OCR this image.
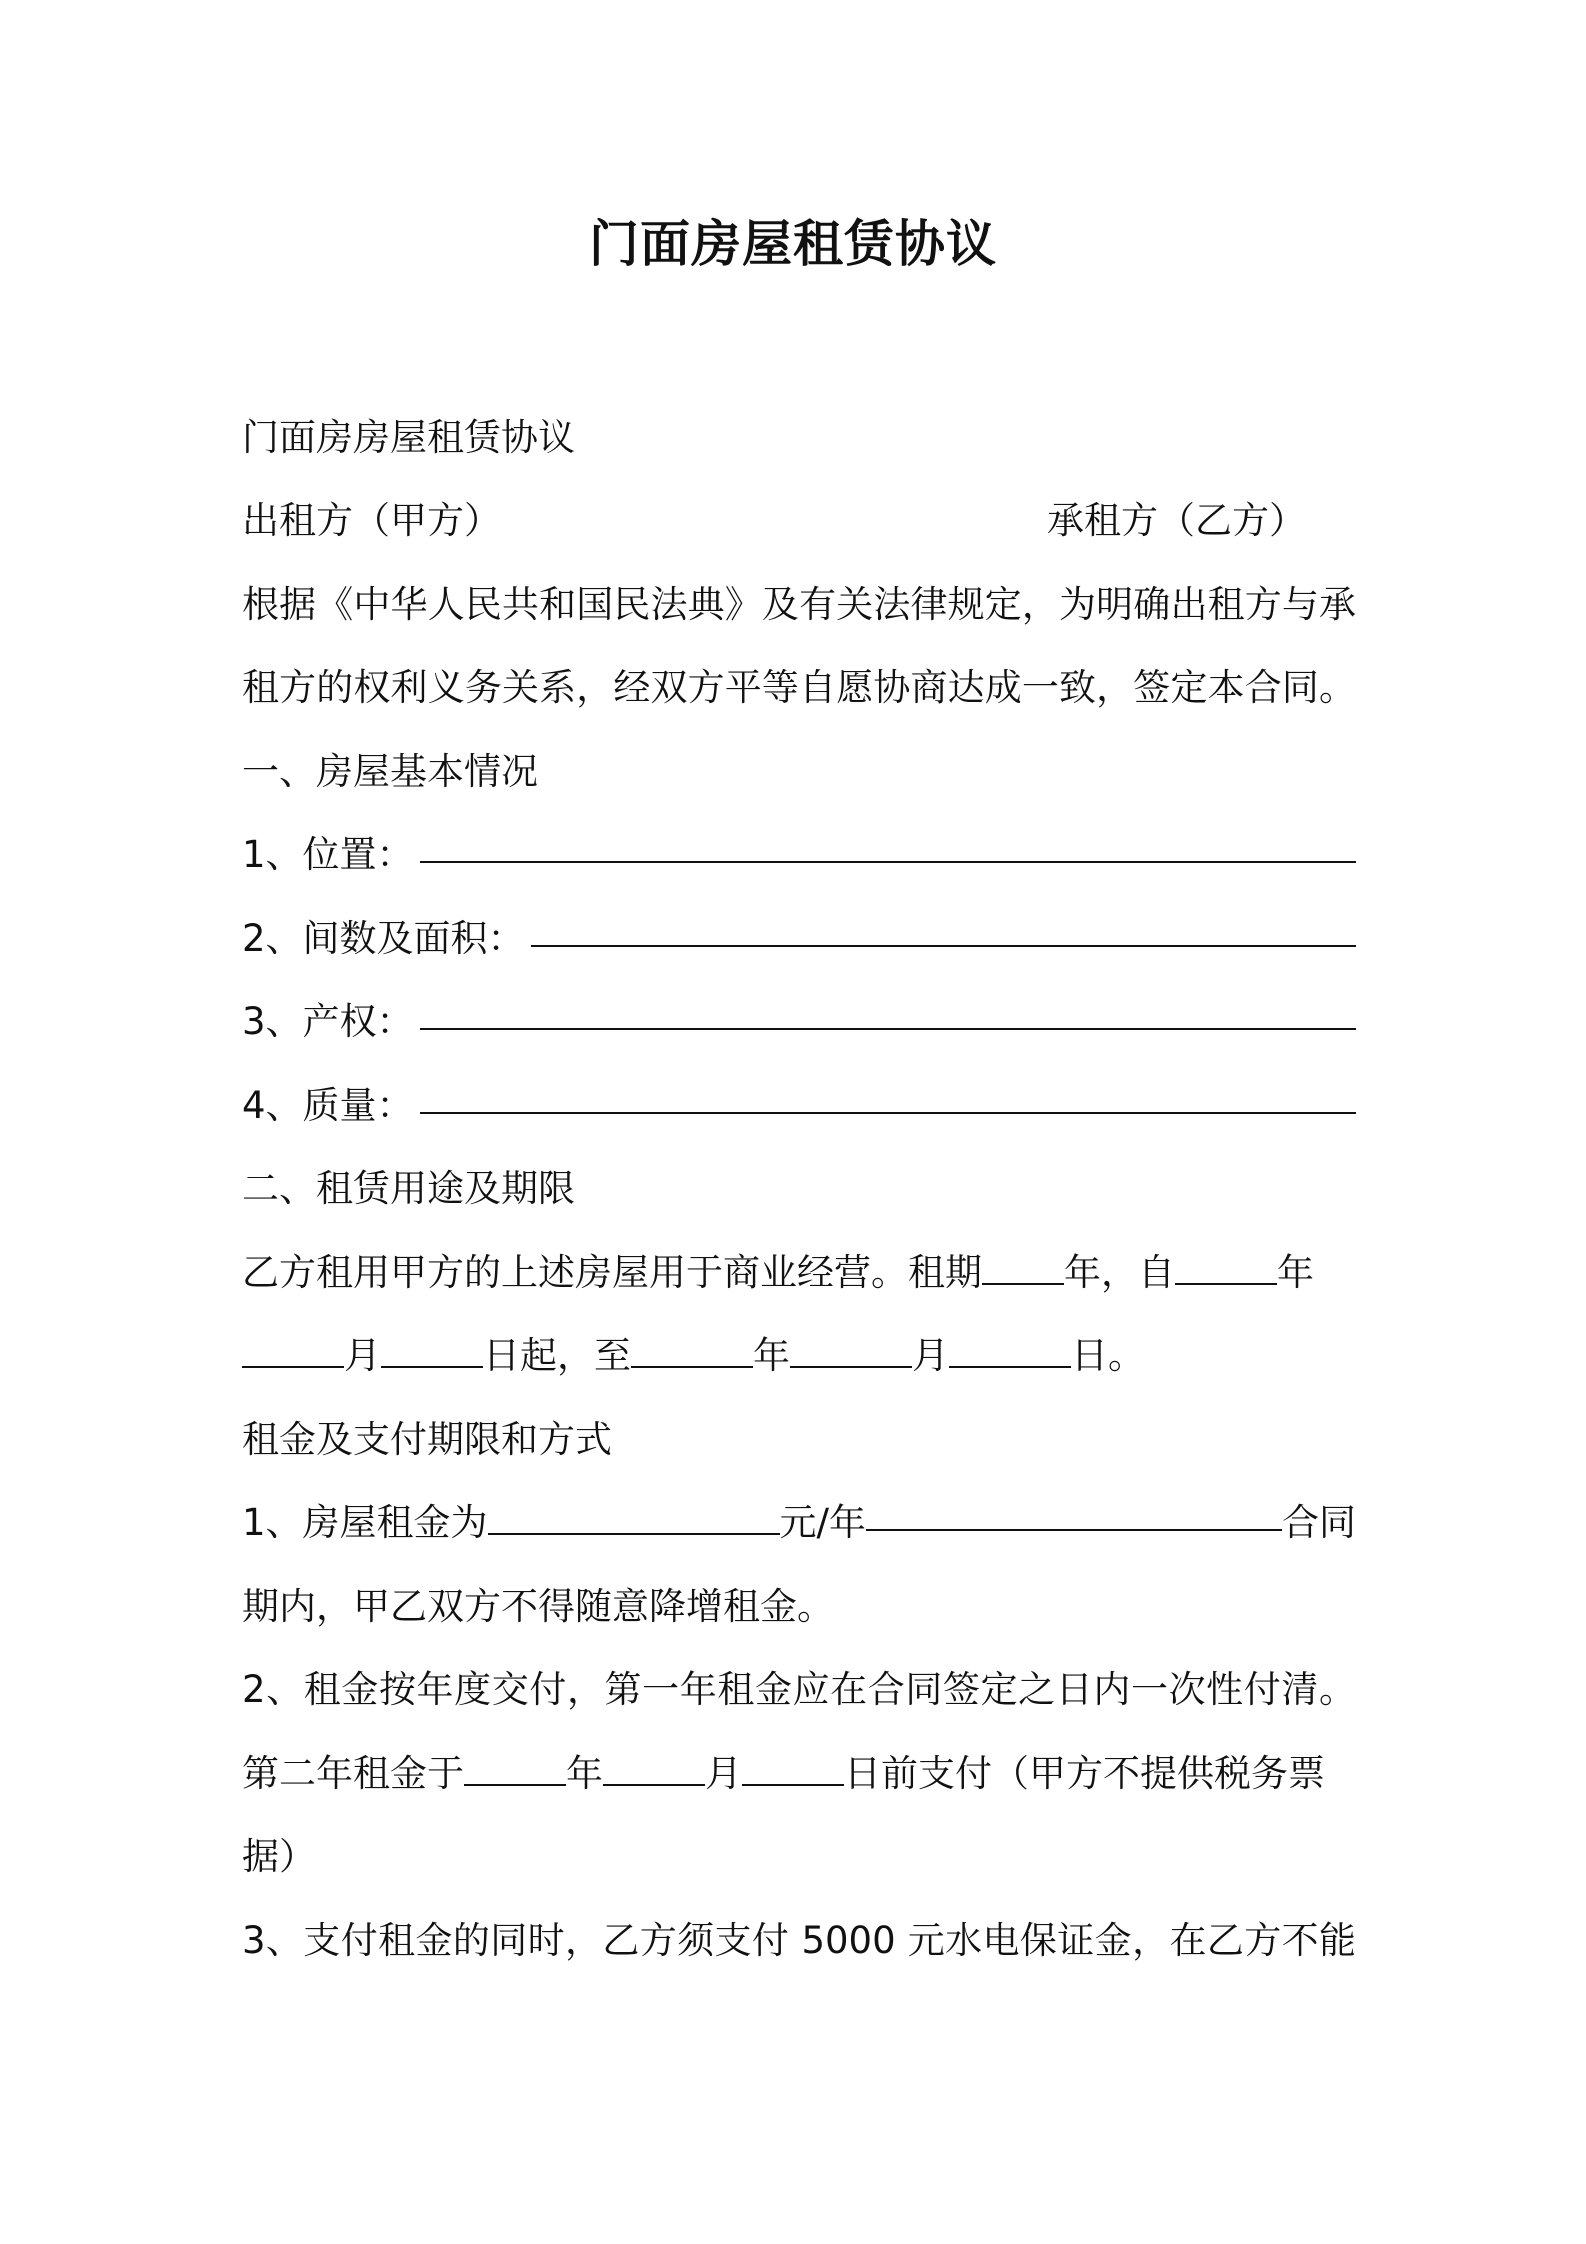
门面房屋租赁协议
门面房房屋租赁协议
出租方（甲方）	承租方（乙方）
根据《中华人民共和国民法典》及有关法律规定，为明确出租方与承
租方的权利义务关系，经双方平等自愿协商达成一致，签定本合同。
一、房屋基本情况
1、位置：
2、间数及面积：
3、产权：
4、质量：
二、租赁用途及期限
乙方租用甲方的上述房屋用于商业经营。租期 年，自	年
月	日起，至	年	月	日。
租金及支付期限和方式
1、房屋租金为	元/年	合同
期内，甲乙双方不得随意降增租金。
2、租金按年度交付，第一年租金应在合同签定之日内一次性付清。
第二年租金于	年	月	日前支付（甲方不提供税务票
据）
3、支付租金的同时，乙方须支付 5000 元水电保证金，在乙方不能
